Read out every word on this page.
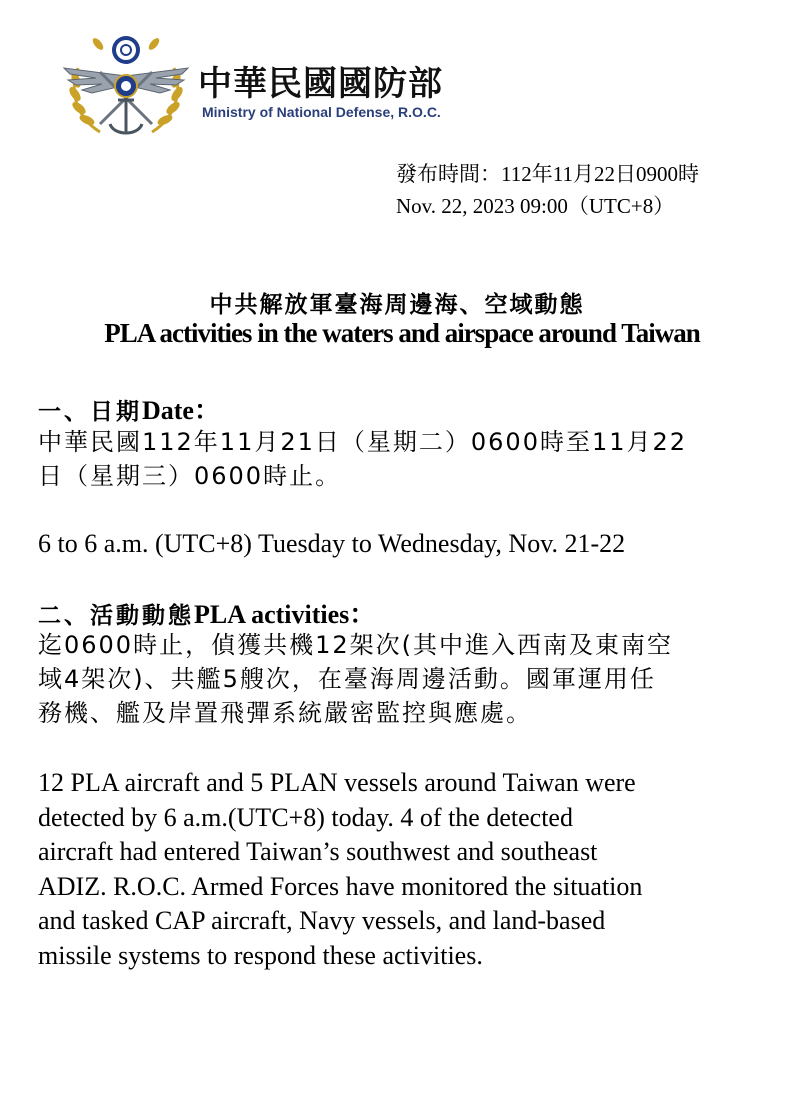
中華民國國防部
Ministry of National Defense, R.O.C.
發布時間：112年11月22日0900時
Nov. 22, 2023 09:00（UTC+8）
中共解放軍臺海周邊海、空域動態
PLA activities in the waters and airspace around Taiwan
一、日期Date：
中華民國112年11月21日（星期二）0600時至11月22
日（星期三）0600時止。
6 to 6 a.m. (UTC+8) Tuesday to Wednesday, Nov. 21-22
二、活動動態PLA activities：
迄0600時止，偵獲共機12架次(其中進入西南及東南空
域4架次)、共艦5艘次，在臺海周邊活動。國軍運用任
務機、艦及岸置飛彈系統嚴密監控與應處。
12 PLA aircraft and 5 PLAN vessels around Taiwan were
detected by 6 a.m.(UTC+8) today. 4 of the detected
aircraft had entered Taiwan’s southwest and southeast
ADIZ. R.O.C. Armed Forces have monitored the situation
and tasked CAP aircraft, Navy vessels, and land-based
missile systems to respond these activities.
